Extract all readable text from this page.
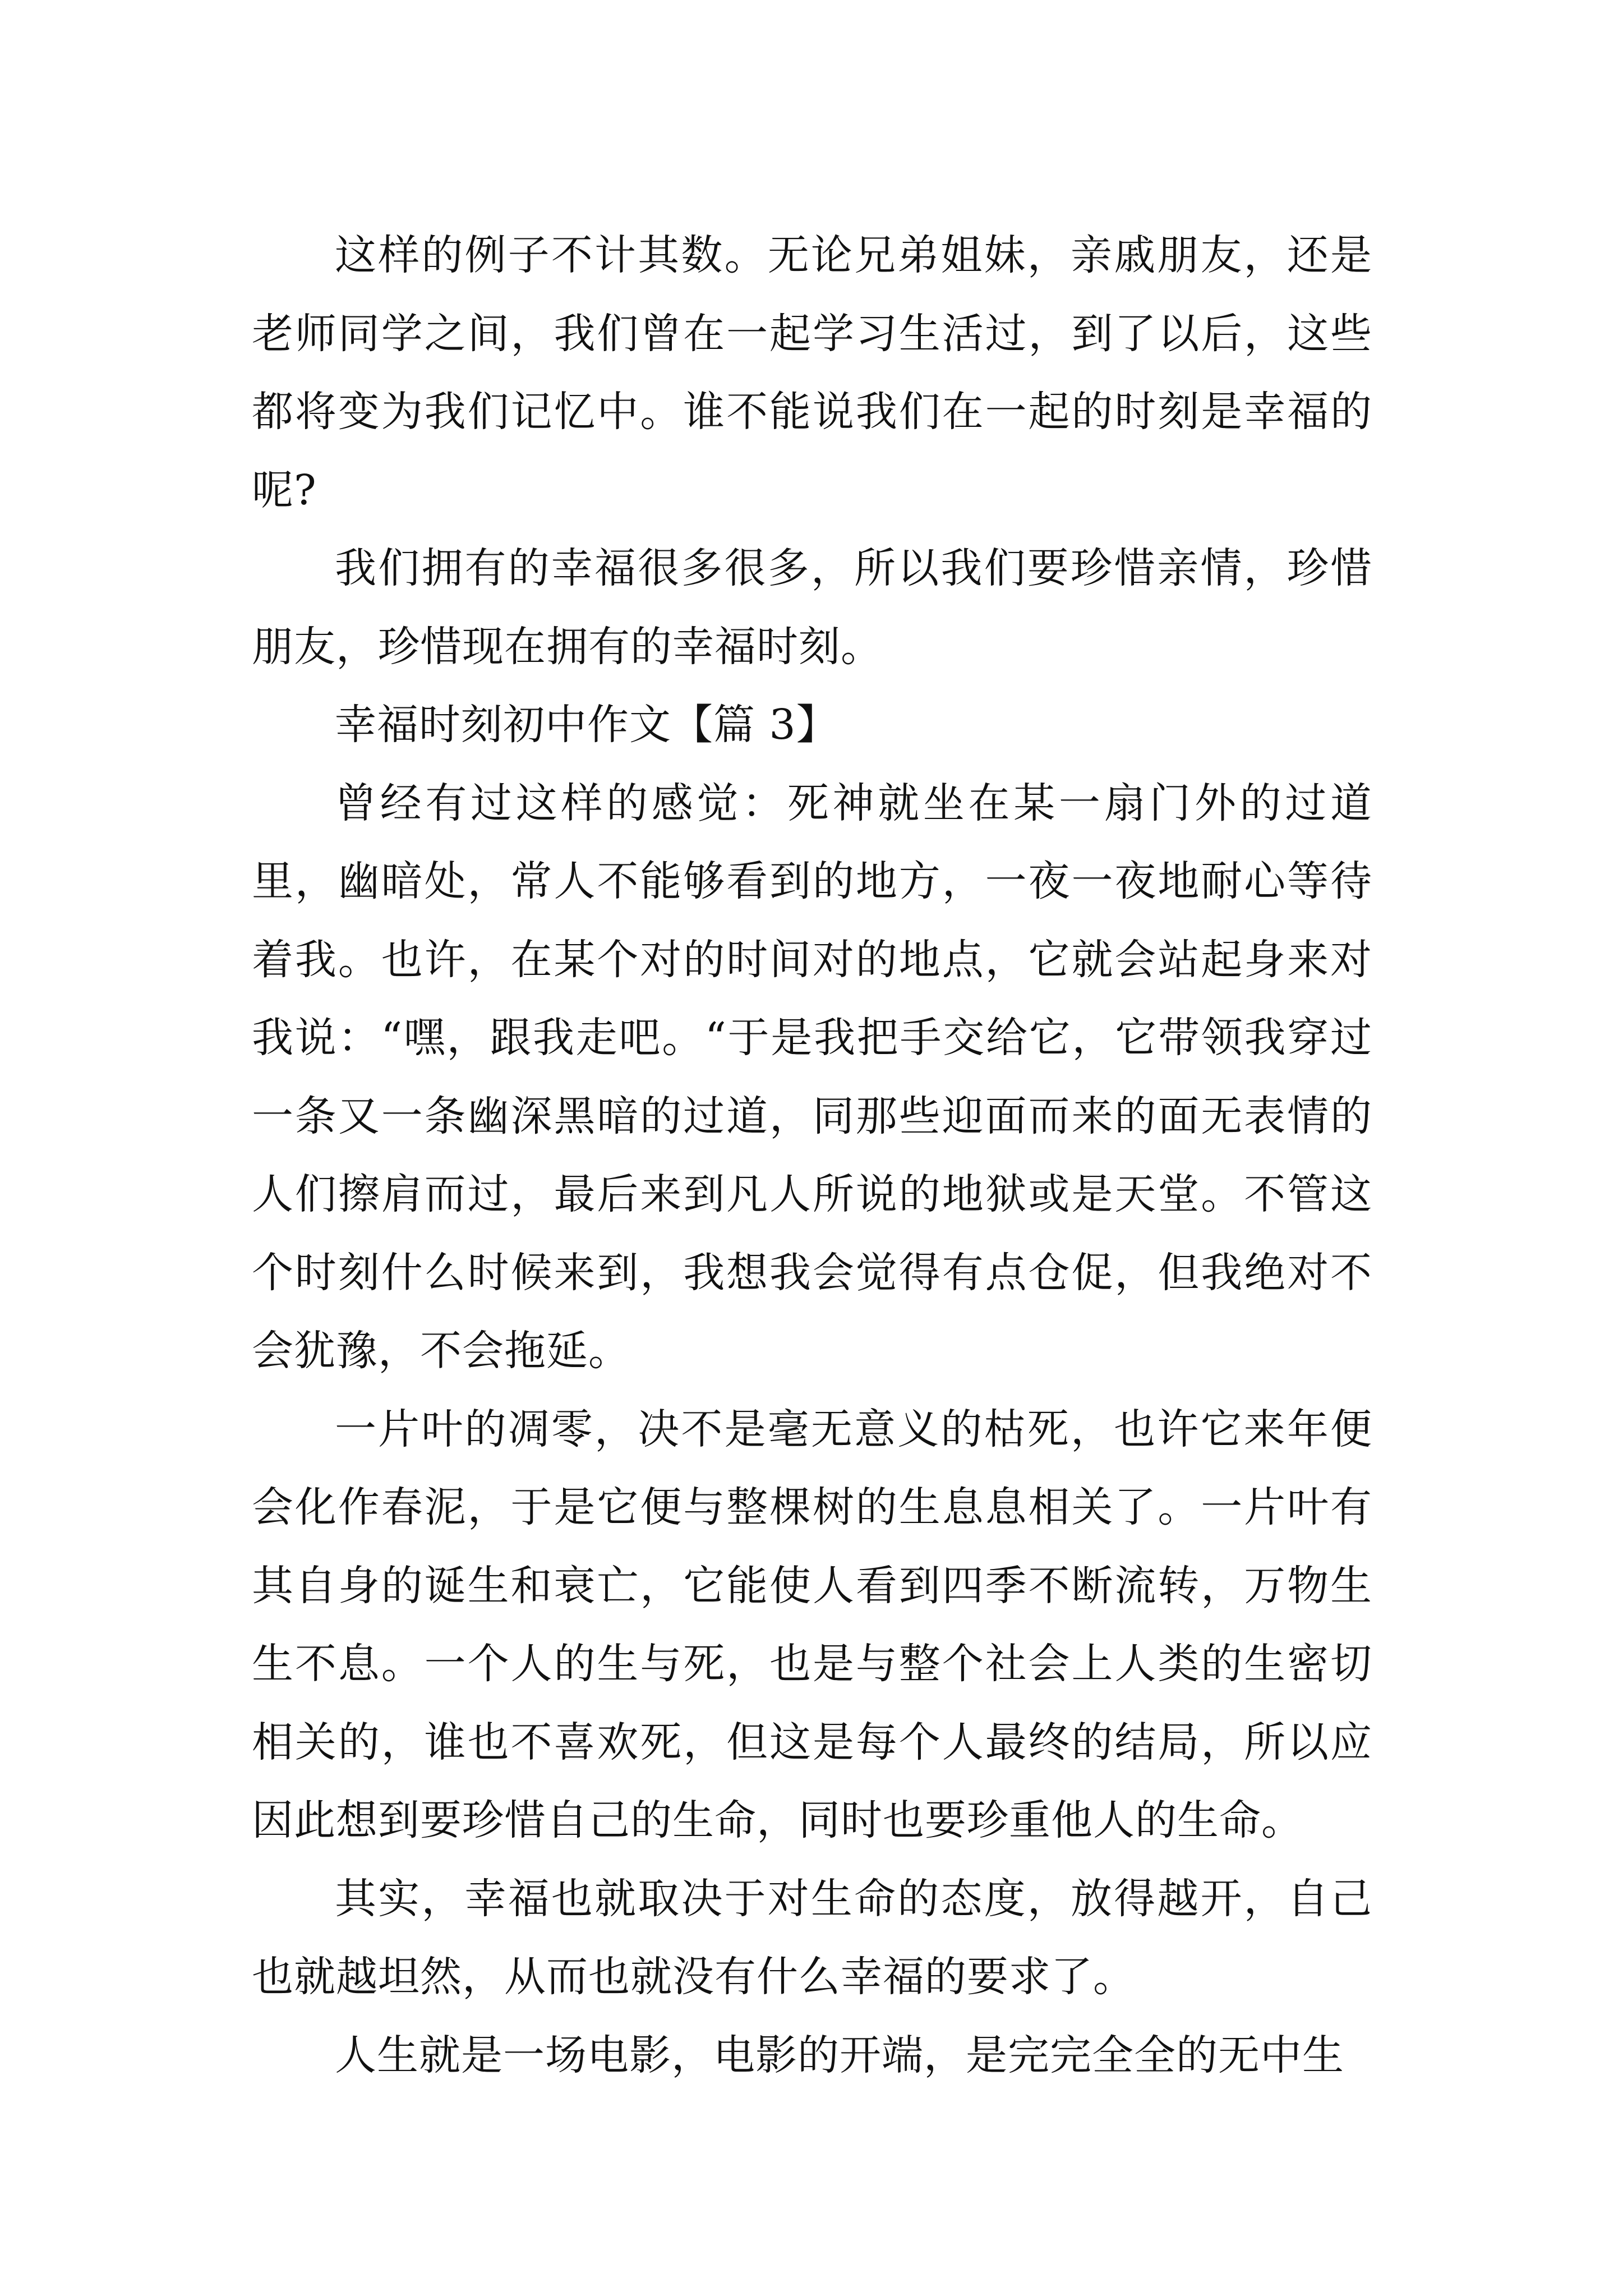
这样的例子不计其数。无论兄弟姐妹，亲戚朋友，还是老师同学之间，我们曾在一起学习生活过，到了以后，这些都将变为我们记忆中。谁不能说我们在一起的时刻是幸福的呢?

我们拥有的幸福很多很多，所以我们要珍惜亲情，珍惜朋友，珍惜现在拥有的幸福时刻。

幸福时刻初中作文【篇 3】

曾经有过这样的感觉：死神就坐在某一扇门外的过道里，幽暗处，常人不能够看到的地方，一夜一夜地耐心等待着我。也许，在某个对的时间对的地点，它就会站起身来对我说：“嘿，跟我走吧。“于是我把手交给它，它带领我穿过一条又一条幽深黑暗的过道，同那些迎面而来的面无表情的人们擦肩而过，最后来到凡人所说的地狱或是天堂。不管这个时刻什么时候来到，我想我会觉得有点仓促，但我绝对不会犹豫，不会拖延。

一片叶的凋零，决不是毫无意义的枯死，也许它来年便会化作春泥，于是它便与整棵树的生息息相关了。一片叶有其自身的诞生和衰亡，它能使人看到四季不断流转，万物生生不息。一个人的生与死，也是与整个社会上人类的生密切相关的，谁也不喜欢死，但这是每个人最终的结局，所以应因此想到要珍惜自己的生命，同时也要珍重他人的生命。

其实，幸福也就取决于对生命的态度，放得越开，自己也就越坦然，从而也就没有什么幸福的要求了。

人生就是一场电影，电影的开端，是完完全全的无中生
